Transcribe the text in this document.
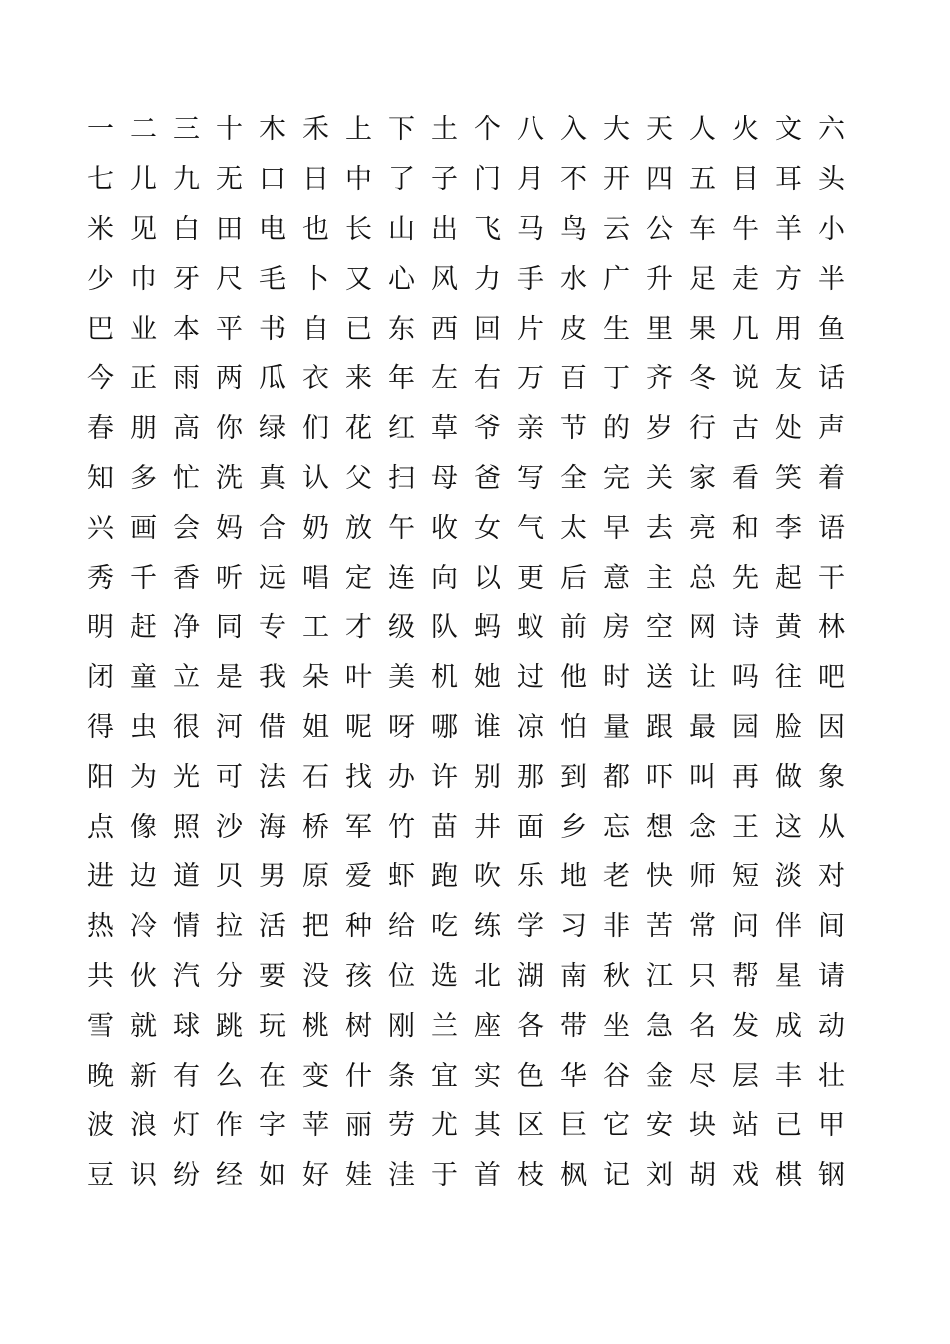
一 二 三 十 木 禾 上 下 土 个 八 入 大 天 人 火 文 六
七 儿 九 无 口 日 中 了 子 门 月 不 开 四 五 目 耳 头
米 见 白 田 电 也 长 山 出 飞 马 鸟 云 公 车 牛 羊 小
少 巾 牙 尺 毛 卜 又 心 风 力 手 水 广 升 足 走 方 半
巴 业 本 平 书 自 已 东 西 回 片 皮 生 里 果 几 用 鱼
今 正 雨 两 瓜 衣 来 年 左 右 万 百 丁 齐 冬 说 友 话
春 朋 高 你 绿 们 花 红 草 爷 亲 节 的 岁 行 古 处 声
知 多 忙 洗 真 认 父 扫 母 爸 写 全 完 关 家 看 笑 着
兴 画 会 妈 合 奶 放 午 收 女 气 太 早 去 亮 和 李 语
秀 千 香 听 远 唱 定 连 向 以 更 后 意 主 总 先 起 干
明 赶 净 同 专 工 才 级 队 蚂 蚁 前 房 空 网 诗 黄 林
闭 童 立 是 我 朵 叶 美 机 她 过 他 时 送 让 吗 往 吧
得 虫 很 河 借 姐 呢 呀 哪 谁 凉 怕 量 跟 最 园 脸 因
阳 为 光 可 法 石 找 办 许 别 那 到 都 吓 叫 再 做 象
点 像 照 沙 海 桥 军 竹 苗 井 面 乡 忘 想 念 王 这 从
进 边 道 贝 男 原 爱 虾 跑 吹 乐 地 老 快 师 短 淡 对
热 冷 情 拉 活 把 种 给 吃 练 学 习 非 苦 常 问 伴 间
共 伙 汽 分 要 没 孩 位 选 北 湖 南 秋 江 只 帮 星 请
雪 就 球 跳 玩 桃 树 刚 兰 座 各 带 坐 急 名 发 成 动
晚 新 有 么 在 变 什 条 宜 实 色 华 谷 金 尽 层 丰 壮
波 浪 灯 作 字 苹 丽 劳 尤 其 区 巨 它 安 块 站 已 甲
豆 识 纷 经 如 好 娃 洼 于 首 枝 枫 记 刘 胡 戏 棋 钢
